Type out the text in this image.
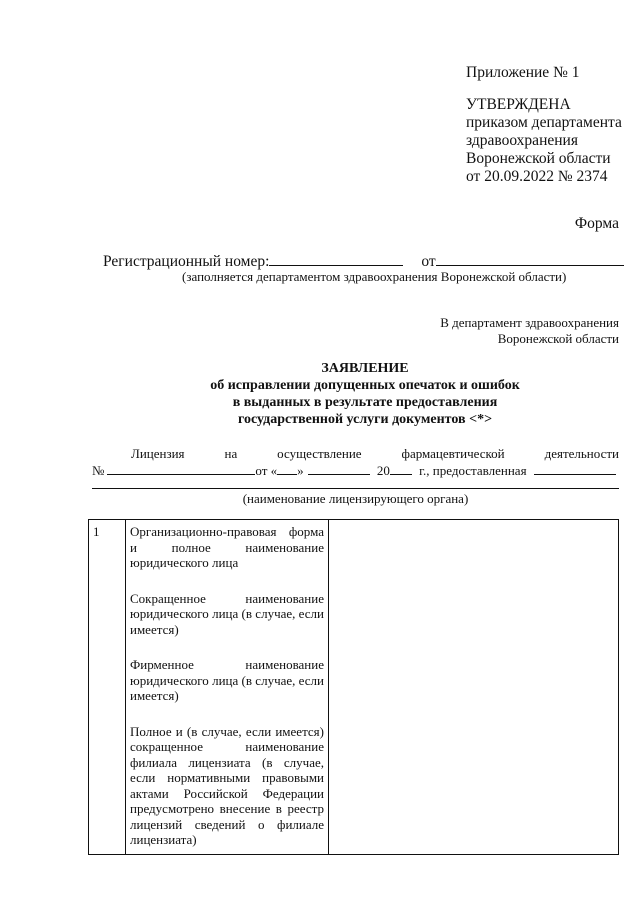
Приложение № 1
УТВЕРЖДЕНА
приказом департамента
здравоохранения
Воронежской области
от 20.09.2022 № 2374
Форма
Регистрационный номер:	от
(заполняется департаментом здравоохранения Воронежской области)
В департамент здравоохранения
Воронежской области
ЗАЯВЛЕНИЕ
об исправлении допущенных опечаток и ошибок
в выданных в результате предоставления
государственной услуги документов <*>
Лицензия	на	осуществление	фармацевтической	деятельности
№	от « »	20 г., предоставленная
(наименование лицензирующего органа)
1	Организационно-правовая форма и полное наименование юридического лица

Сокращенное наименование юридического лица (в случае, если имеется)

Фирменное наименование юридического лица (в случае, если имеется)

Полное и (в случае, если имеется) сокращенное наименование филиала лицензиата (в случае, если нормативными правовыми актами Российской Федерации предусмотрено внесение в реестр лицензий сведений о филиале лицензиата)
